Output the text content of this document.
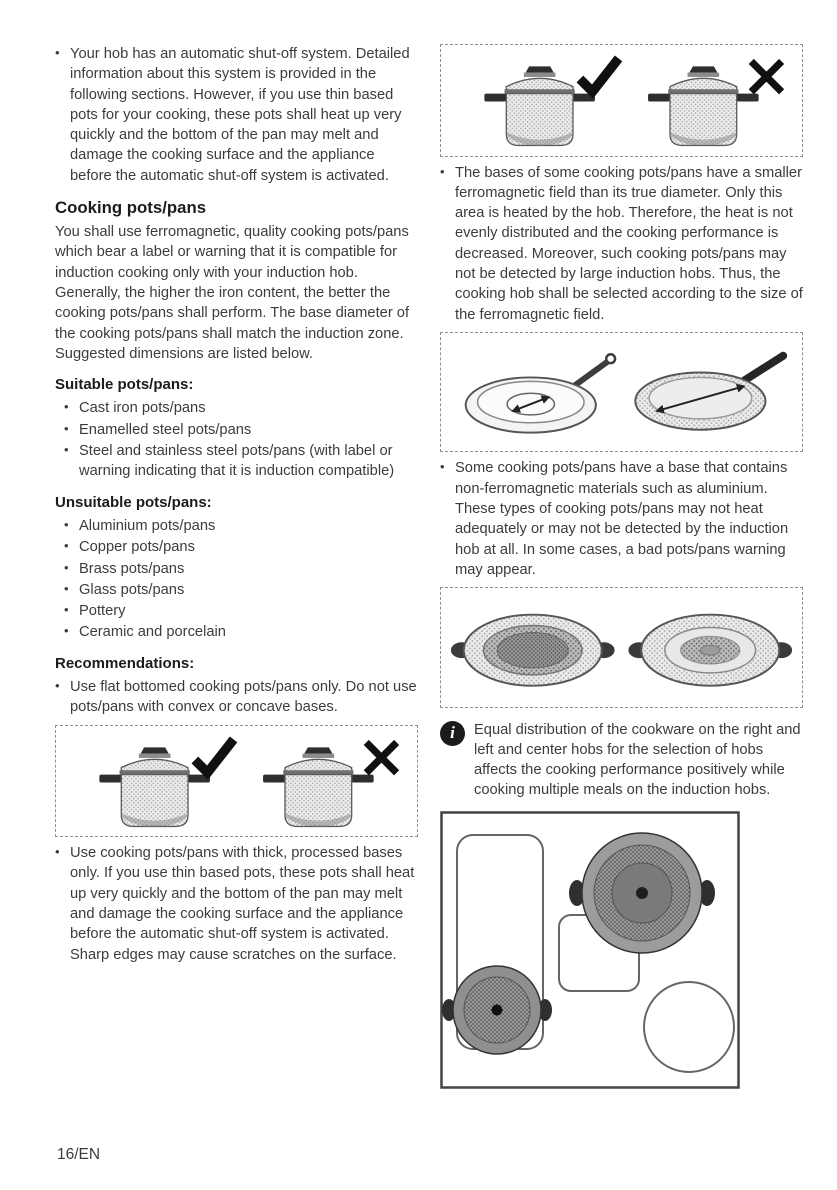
•
Your hob has an automatic shut-off system. Detailed information about this system is provided in the following sections. However, if you use thin based pots for your cooking, these pots shall heat up very quickly and the bottom of the pan may melt and damage the cooking surface and the appliance before the automatic shut-off system is activated.
Cooking pots/pans

You shall use ferromagnetic, quality cooking pots/pans which bear a label or warning that it is compatible for induction cooking only with your induction hob. Generally, the higher the iron content, the better the cooking pots/pans shall perform. The base diameter of the cooking pots/pans shall match the induction zone. Suggested dimensions are listed below.

Suitable pots/pans:
•
Cast iron pots/pans
•
Enamelled steel pots/pans
•
Steel and stainless steel pots/pans (with label or warning indicating that it is induction compatible)
Unsuitable pots/pans:
•
Aluminium pots/pans
•
Copper pots/pans
•
Brass pots/pans
•
Glass pots/pans
•
Pottery
•
Ceramic and porcelain
Recommendations:
•
Use flat bottomed cooking pots/pans only. Do not use pots/pans with convex or concave bases.
•
Use cooking pots/pans with thick, processed bases only. If you use thin based pots, these pots shall heat up very quickly and the bottom of the pan may melt and damage the cooking surface and the appliance before the automatic shut-off system is activated. Sharp edges may cause scratches on the surface.
•
The bases of some cooking pots/pans have a smaller ferromagnetic field than its true diameter. Only this area is heated by the hob. Therefore, the heat is not evenly distributed and the cooking performance is decreased. Moreover, such cooking pots/pans may not be detected by large induction hobs. Thus, the cooking hob shall be selected according to the size of the ferromagnetic field.
•
Some cooking pots/pans have a base that contains non-ferromagnetic materials such as aluminium. These types of cooking pots/pans may not heat adequately or may not be detected by the induction hob at all. In some cases, a bad pots/pans warning may appear.
i	Equal distribution of the cookware on the right and left and center hobs for the selection of hobs affects the cooking performance positively while cooking multiple meals on the induction hobs.
16/EN
